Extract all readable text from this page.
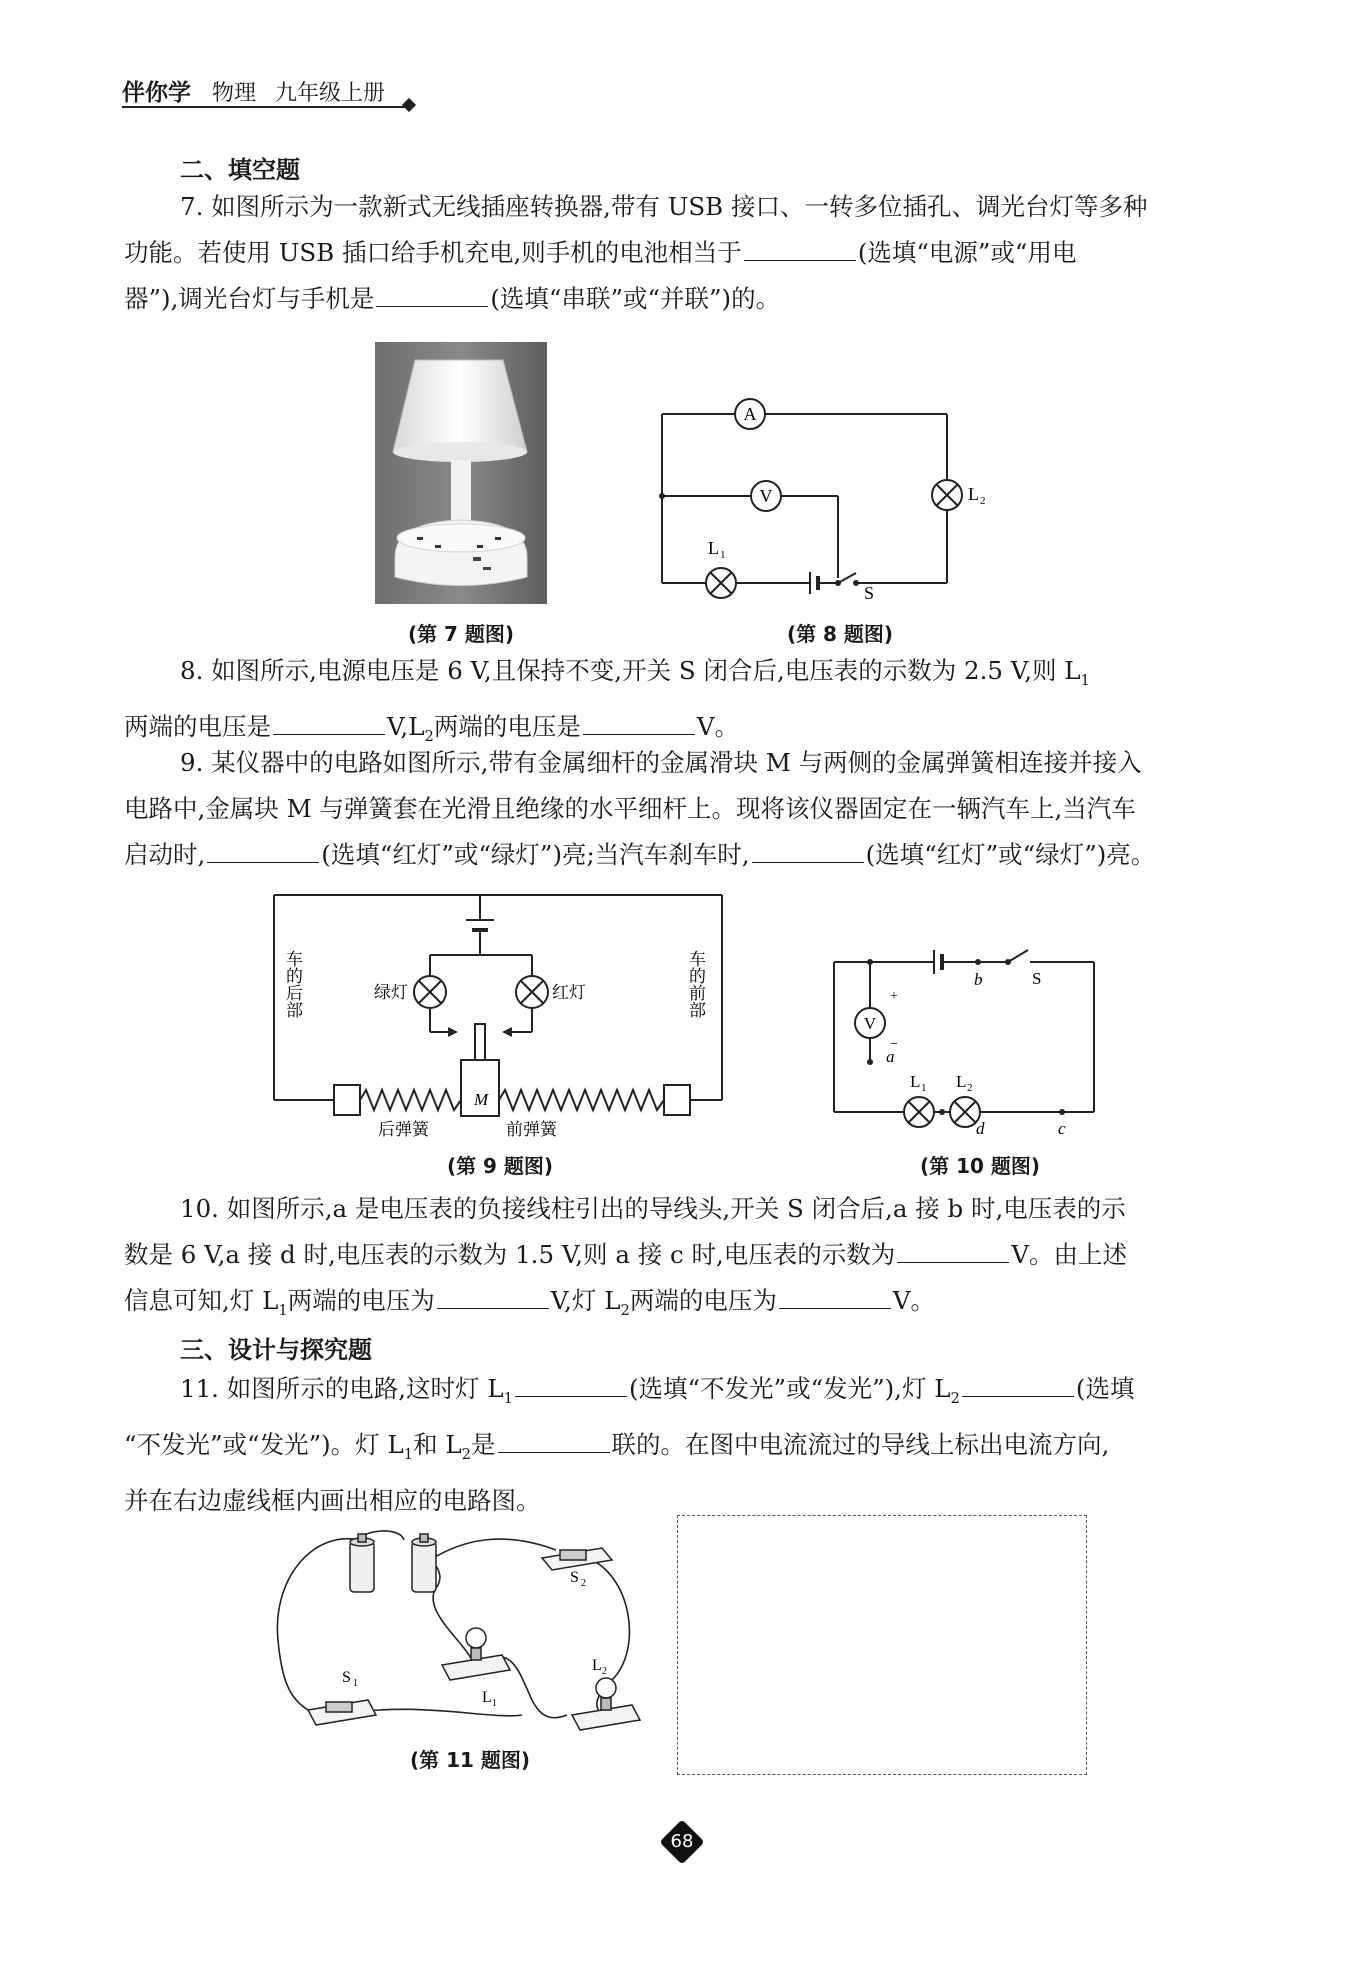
伴你学 物理 九年级上册
二、填空题
7. 如图所示为一款新式无线插座转换器,带有 USB 接口、一转多位插孔、调光台灯等多种
功能。若使用 USB 插口给手机充电,则手机的电池相当于	(选填“电源”或“用电
器”),调光台灯与手机是	(选填“串联”或“并联”)的。
(第 7 题图)
A
V	L 2
L 1
S
(第 8 题图)
8. 如图所示,电源电压是 6 V,且保持不变,开关 S 闭合后,电压表的示数为 2.5 V,则 $L_1$
两端的电压是	$V,L_2$两端的电压是	V。
9. 某仪器中的电路如图所示,带有金属细杆的金属滑块 M 与两侧的金属弹簧相连接并接入
电路中,金属块 M 与弹簧套在光滑且绝缘的水平细杆上。现将该仪器固定在一辆汽车上,当汽车
启动时,	(选填“红灯”或“绿灯”)亮;当汽车刹车时,	(选填“红灯”或“绿灯”)亮。
车的后部	车的前部
绿灯	红灯
M
后弹簧	前弹簧
(第 9 题图)
V
+
−
a
b	S
L 1 L 2
d	c
(第 10 题图)
10. 如图所示,a 是电压表的负接线柱引出的导线头,开关 S 闭合后,a 接 b 时,电压表的示
数是 6 V,a 接 d 时,电压表的示数为 1.5 V,则 a 接 c 时,电压表的示数为	V。由上述
信息可知,灯 $L_1$两端的电压为	V,灯 $L_2$两端的电压为	V。
三、设计与探究题
11. 如图所示的电路,这时灯 $L_1$	(选填“不发光”或“发光”),灯 $L_2$	(选填
“不发光”或“发光”)。灯 $L_1$和 $L_2$是	联的。在图中电流流过的导线上标出电流方向,
并在右边虚线框内画出相应的电路图。
S 2
S 1
L 1
L 2
(第 11 题图)
68
